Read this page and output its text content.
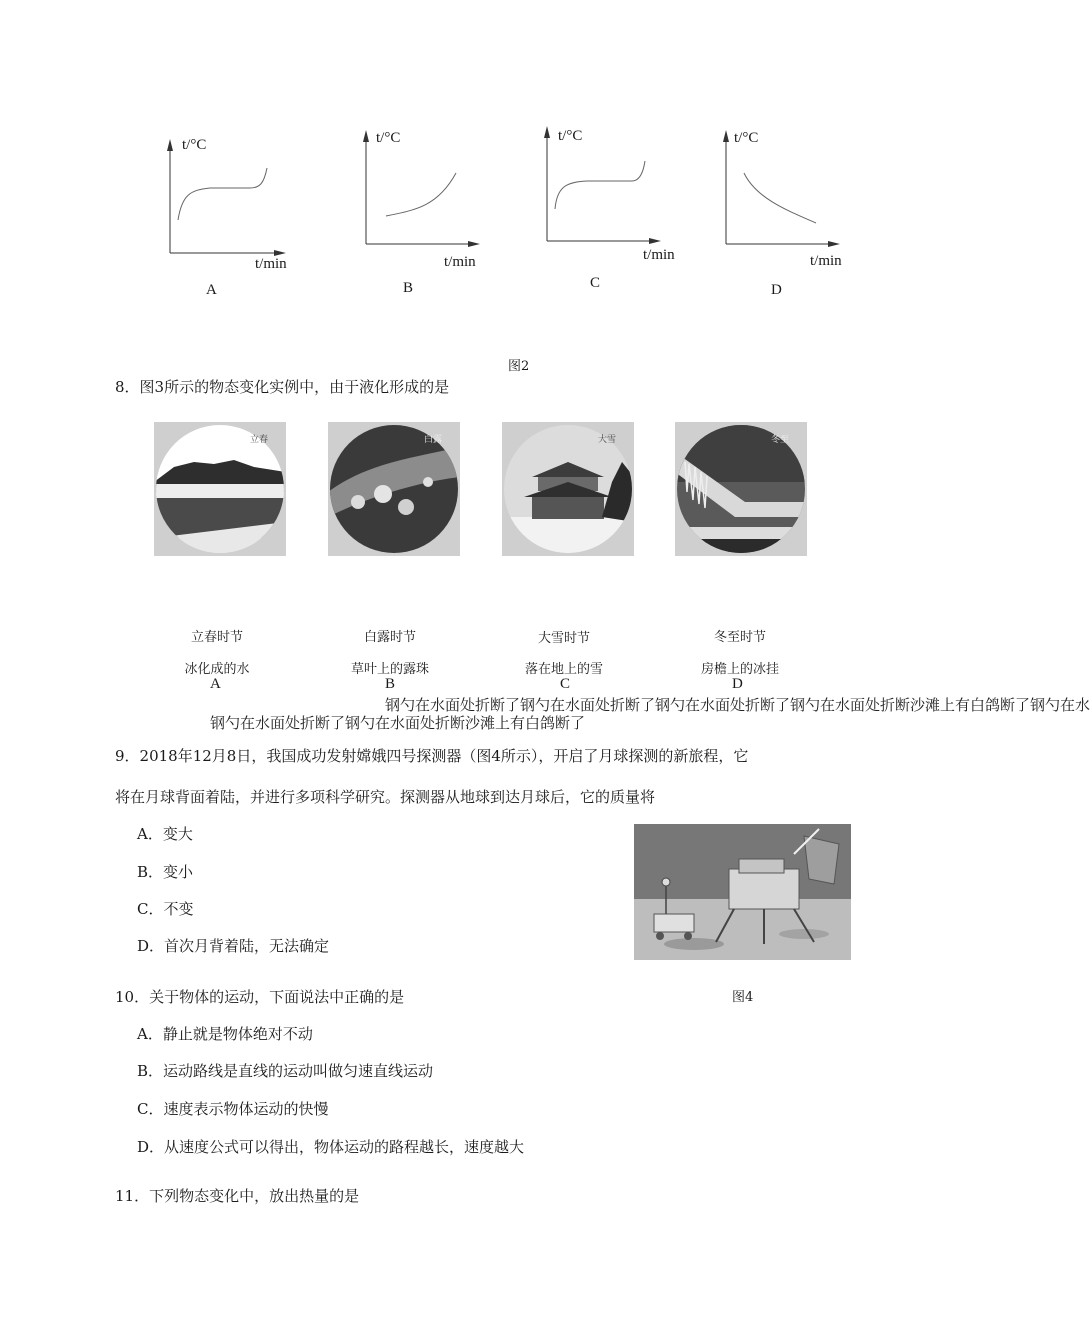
t/°C
t/min
A
t/°C
t/min
B
t/°C
t/min
C
t/°C
t/min
D
图2
8．图3所示的物态变化实例中，由于液化形成的是
立春	白露	大雪	冬至
立春时节
冰化成的水
A
白露时节
草叶上的露珠
B
大雪时节
落在地上的雪
C
冬至时节
房檐上的冰挂
D
钢勺在水面处折断了钢勺在水面处折断了钢勺在水面处折断了钢勺在水面处折断沙滩上有白鸽断了钢勺在水
钢勺在水面处折断了钢勺在水面处折断沙滩上有白鸽断了
9．2018年12月8日，我国成功发射嫦娥四号探测器（图4所示），开启了月球探测的新旅程，它
将在月球背面着陆，并进行多项科学研究。探测器从地球到达月球后，它的质量将
A．变大
B．变小
C．不变
D．首次月背着陆，无法确定
图4
10．关于物体的运动，下面说法中正确的是
A．静止就是物体绝对不动
B．运动路线是直线的运动叫做匀速直线运动
C．速度表示物体运动的快慢
D．从速度公式可以得出，物体运动的路程越长，速度越大
11．下列物态变化中，放出热量的是
